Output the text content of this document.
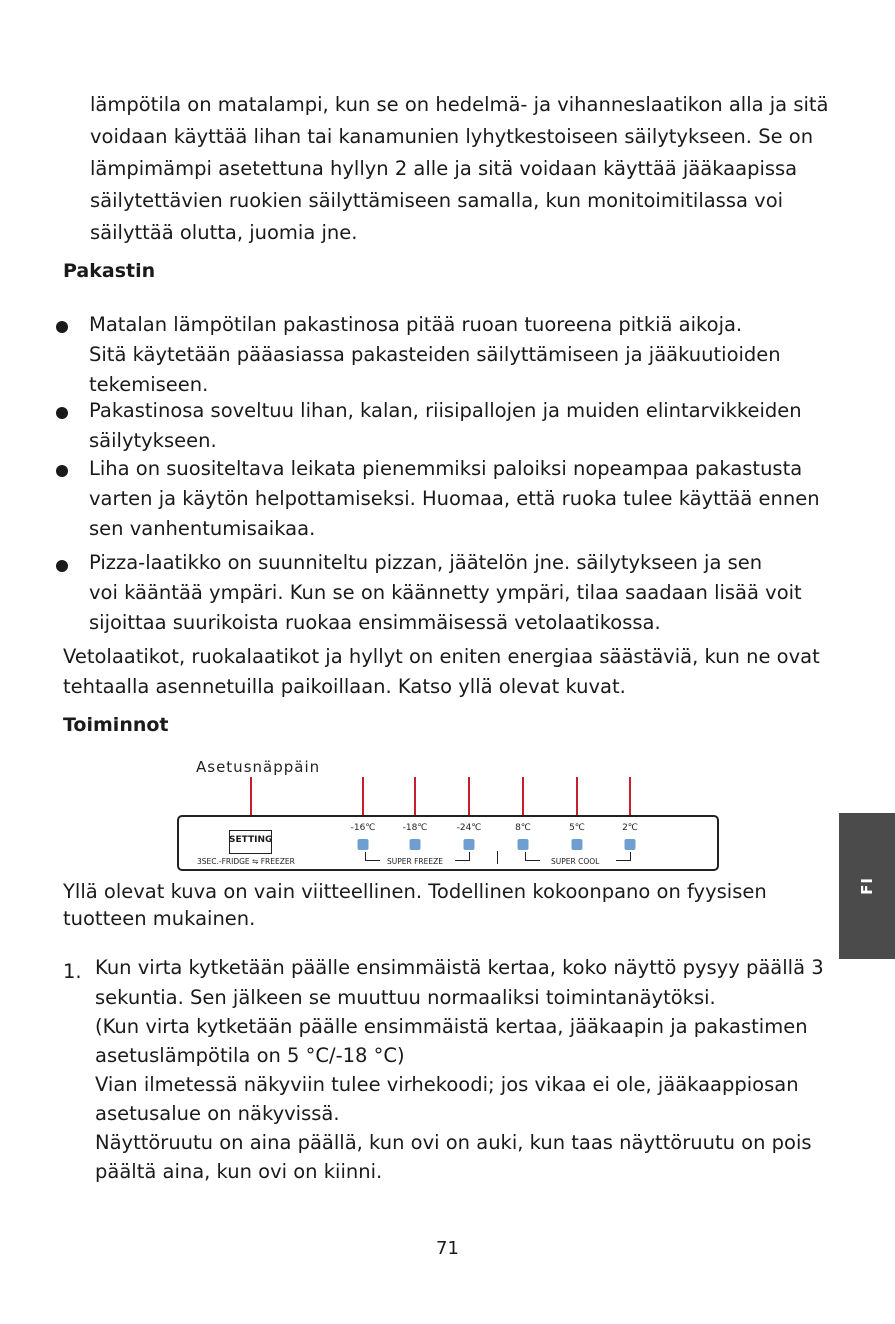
lämpötila on matalampi, kun se on hedelmä- ja vihanneslaatikon alla ja sitä
voidaan käyttää lihan tai kanamunien lyhytkestoiseen säilytykseen. Se on
lämpimämpi asetettuna hyllyn 2 alle ja sitä voidaan käyttää jääkaapissa
säilytettävien ruokien säilyttämiseen samalla, kun monitoimitilassa voi
säilyttää olutta, juomia jne.
Pakastin
Matalan lämpötilan pakastinosa pitää ruoan tuoreena pitkiä aikoja.
Sitä käytetään pääasiassa pakasteiden säilyttämiseen ja jääkuutioiden
tekemiseen.
Pakastinosa soveltuu lihan, kalan, riisipallojen ja muiden elintarvikkeiden
säilytykseen.
Liha on suositeltava leikata pienemmiksi paloiksi nopeampaa pakastusta
varten ja käytön helpottamiseksi. Huomaa, että ruoka tulee käyttää ennen
sen vanhentumisaikaa.
Pizza-laatikko on suunniteltu pizzan, jäätelön jne. säilytykseen ja sen
voi kääntää ympäri. Kun se on käännetty ympäri, tilaa saadaan lisää voit
sijoittaa suurikoista ruokaa ensimmäisessä vetolaatikossa.
Vetolaatikot, ruokalaatikot ja hyllyt on eniten energiaa säästäviä, kun ne ovat
tehtaalla asennetuilla paikoillaan. Katso yllä olevat kuvat.
Toiminnot
Asetusnäppäin
SETTING
3SEC.-FRIDGE ⇋ FREEZER
-16℃	-18℃	-24℃	8℃	5℃	2℃
SUPER FREEZE	SUPER COOL
Yllä olevat kuva on vain viitteellinen. Todellinen kokoonpano on fyysisen
tuotteen mukainen.
1. Kun virta kytketään päälle ensimmäistä kertaa, koko näyttö pysyy päällä 3
sekuntia. Sen jälkeen se muuttuu normaaliksi toimintanäytöksi.
(Kun virta kytketään päälle ensimmäistä kertaa, jääkaapin ja pakastimen
asetuslämpötila on 5 °C/-18 °C)
Vian ilmetessä näkyviin tulee virhekoodi; jos vikaa ei ole, jääkaappiosan
asetusalue on näkyvissä.
Näyttöruutu on aina päällä, kun ovi on auki, kun taas näyttöruutu on pois
päältä aina, kun ovi on kiinni.
FI
71
